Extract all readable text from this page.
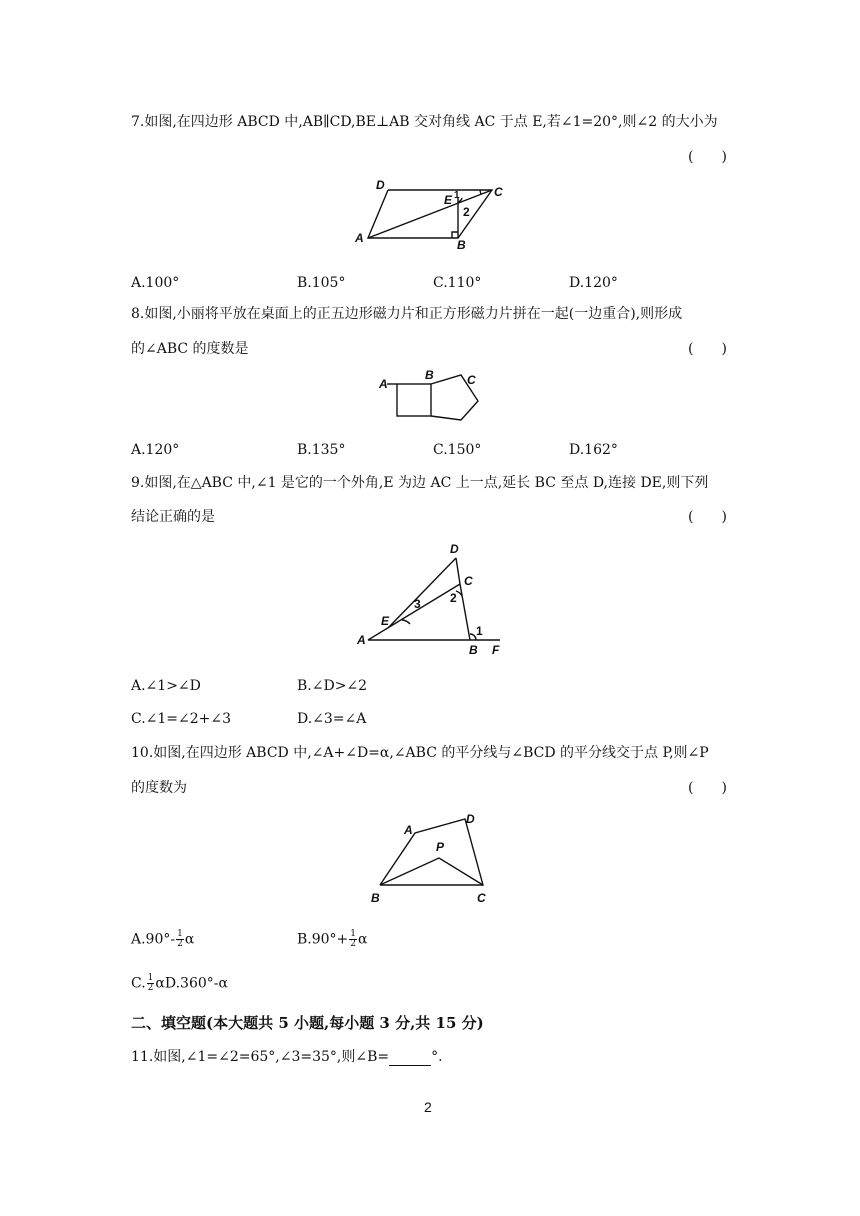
7.如图,在四边形 ABCD 中,AB∥CD,BE⊥AB 交对角线 AC 于点 E,若∠1=20°,则∠2 的大小为
(　　)
D
E 1	C
2
A	B
A.100°	B.105°	C.110°	D.120°
8.如图,小丽将平放在桌面上的正五边形磁力片和正方形磁力片拼在一起(一边重合),则形成
的∠ABC 的度数是	(　　)
A
B	C
A.120°	B.135°	C.150°	D.162°
9.如图,在△ABC 中,∠1 是它的一个外角,E 为边 AC 上一点,延长 BC 至点 D,连接 DE,则下列
结论正确的是	(　　)
D
C
3 2
E
A
1
B F
A.∠1>∠D	B.∠D>∠2
C.∠1=∠2+∠3	D.∠3=∠A
10.如图,在四边形 ABCD 中,∠A+∠D=α,∠ABC 的平分线与∠BCD 的平分线交于点 P,则∠P
的度数为	(　　)
A
D
P
B	C
$A.90^\circ- \frac{1}{2}$ α	$B.90^\circ+ \frac{1}{2}$ α
C. $\frac{1}{2} \alpha D.360^\circ-\alpha$
二、填空题(本大题共 5 小题,每小题 3 分,共 15 分)
11.如图,∠1=∠2=65°,∠3=35°,则∠B=	°.
2
